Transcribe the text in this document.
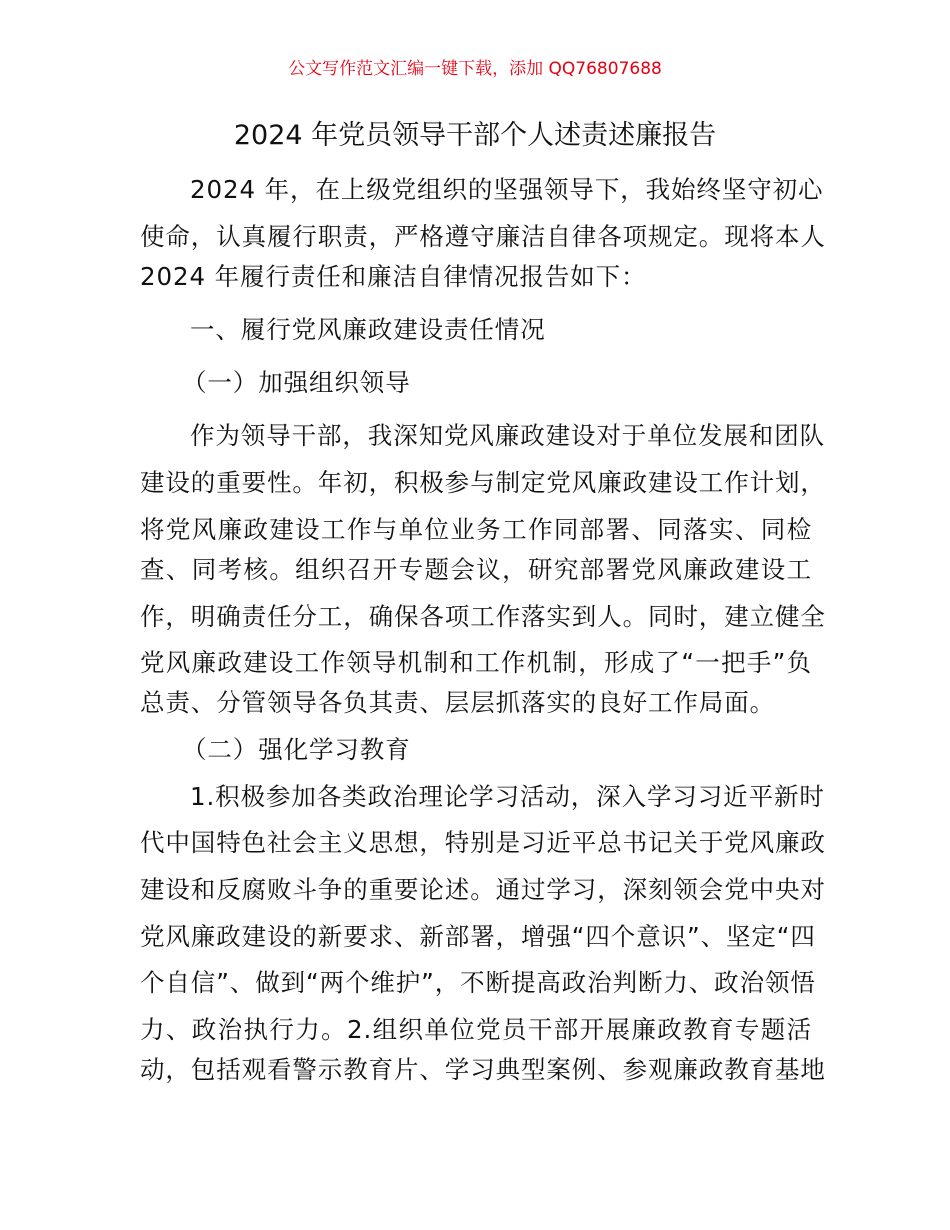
公文写作范文汇编一键下载，添加 QQ76807688
2024 年党员领导干部个人述责述廉报告
2024 年，在上级党组织的坚强领导下，我始终坚守初心
使命，认真履行职责，严格遵守廉洁自律各项规定。现将本人
2024 年履行责任和廉洁自律情况报告如下：
一、履行党风廉政建设责任情况
（一）加强组织领导
作为领导干部，我深知党风廉政建设对于单位发展和团队
建设的重要性。年初，积极参与制定党风廉政建设工作计划，
将党风廉政建设工作与单位业务工作同部署、同落实、同检
查、同考核。组织召开专题会议，研究部署党风廉政建设工
作，明确责任分工，确保各项工作落实到人。同时，建立健全
党风廉政建设工作领导机制和工作机制，形成了“一把手”负
总责、分管领导各负其责、层层抓落实的良好工作局面。
（二）强化学习教育
1.积极参加各类政治理论学习活动，深入学习习近平新时
代中国特色社会主义思想，特别是习近平总书记关于党风廉政
建设和反腐败斗争的重要论述。通过学习，深刻领会党中央对
党风廉政建设的新要求、新部署，增强“四个意识”、坚定“四
个自信”、做到“两个维护”，不断提高政治判断力、政治领悟
力、政治执行力。2.组织单位党员干部开展廉政教育专题活
动，包括观看警示教育片、学习典型案例、参观廉政教育基地
